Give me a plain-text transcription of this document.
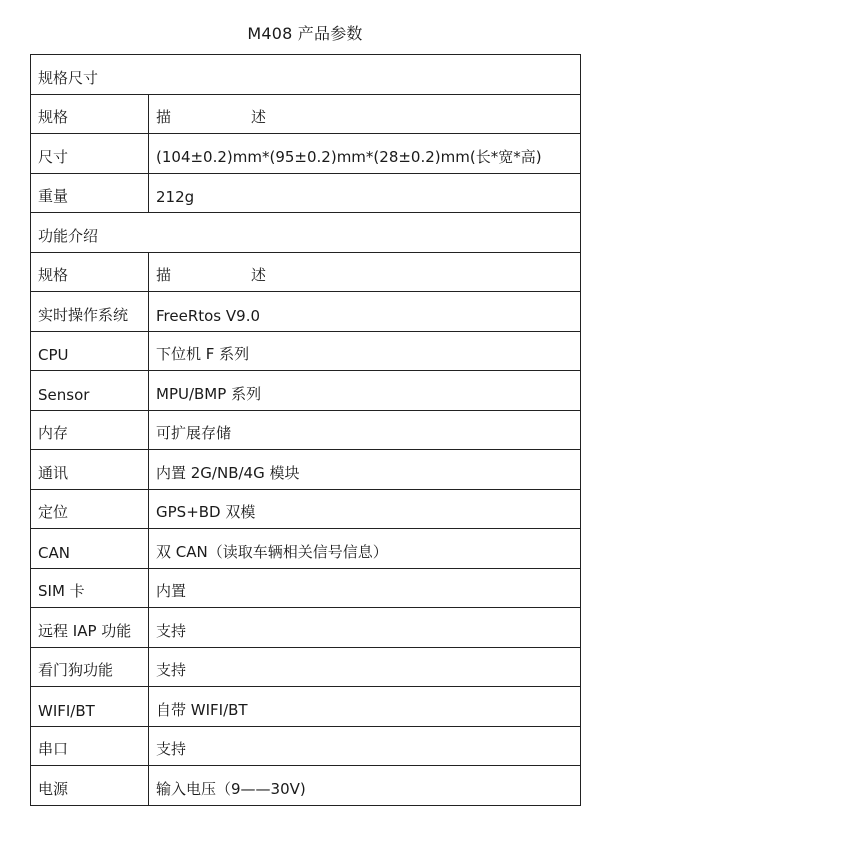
M408 产品参数
规格尺寸	
规格	描 述
尺寸	(104±0.2)mm*(95±0.2)mm*(28±0.2)mm(长*宽*高)
重量	212g
功能介绍	
规格	描 述
实时操作系统	FreeRtos V9.0
CPU	下位机 F 系列
Sensor	MPU/BMP 系列
内存	可扩展存储
通讯	内置 2G/NB/4G 模块
定位	GPS+BD 双模
CAN	双 CAN（读取车辆相关信号信息）
SIM 卡	内置
远程 IAP 功能	支持
看门狗功能	支持
WIFI/BT	自带 WIFI/BT
串口	支持
电源	输入电压（9——30V)
